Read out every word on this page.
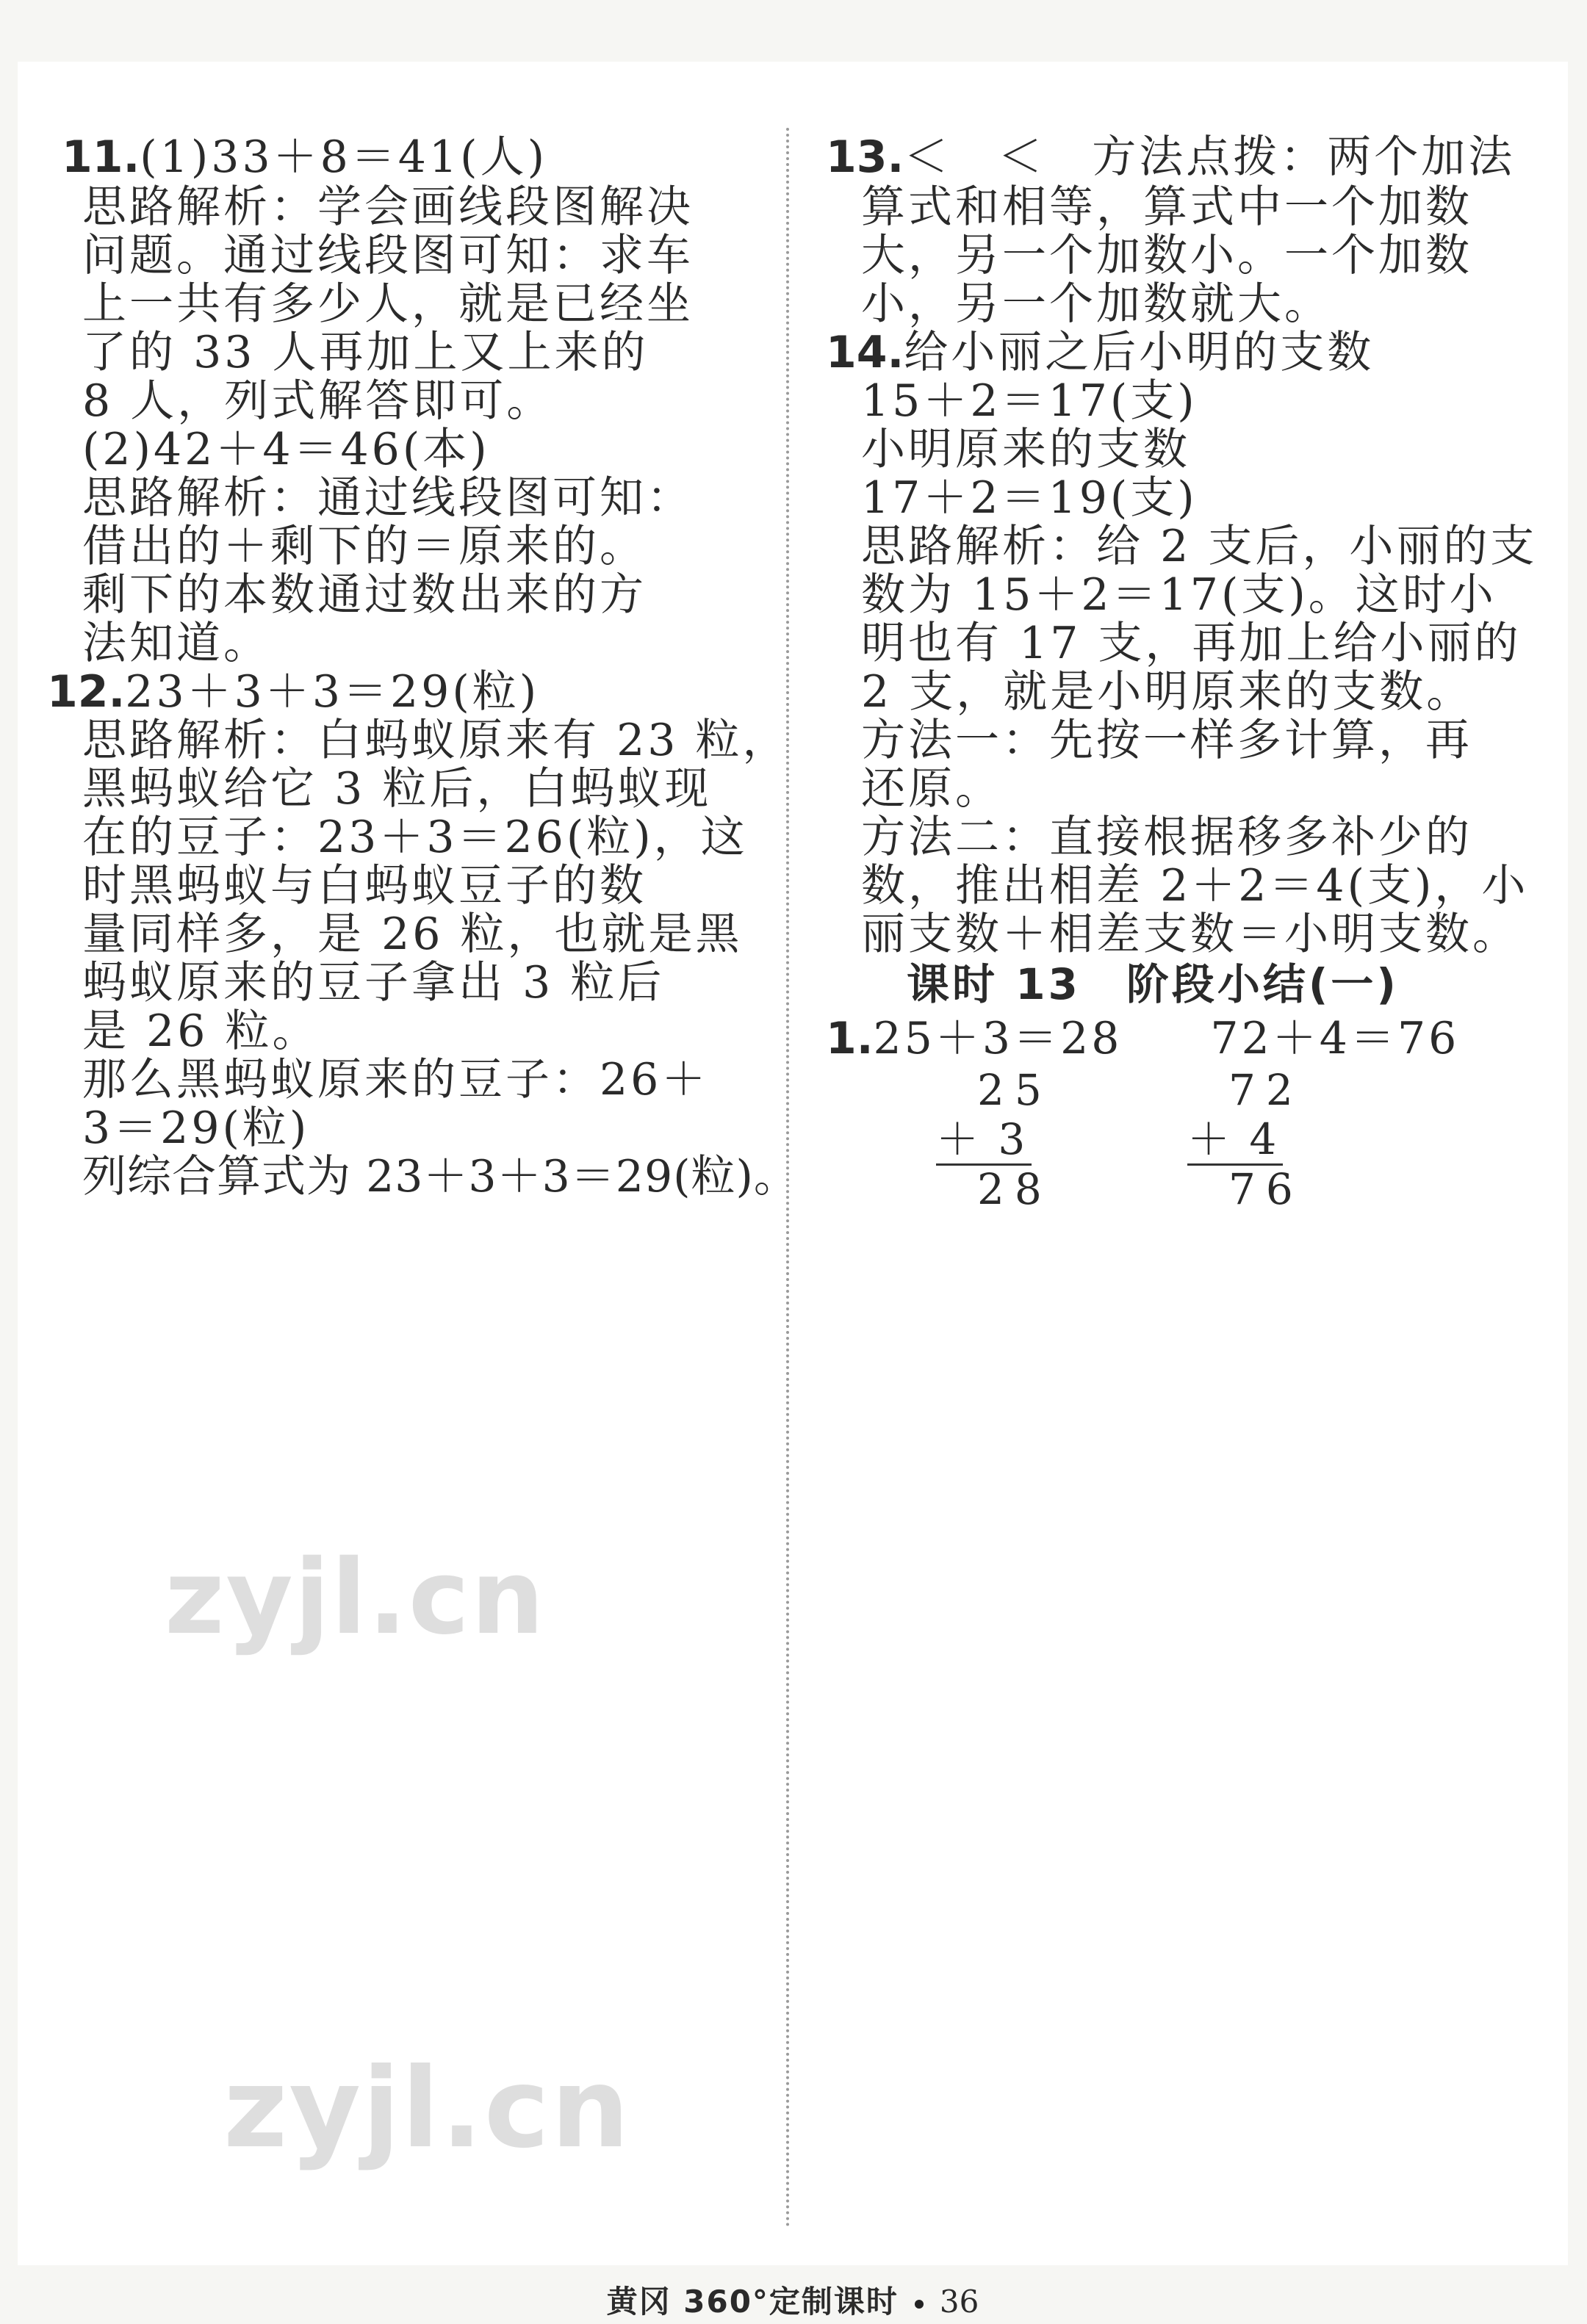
11.(1)33＋8＝41(人)
思路解析：学会画线段图解决
问题。通过线段图可知：求车
上一共有多少人，就是已经坐
了的 33 人再加上又上来的
8 人，列式解答即可。
(2)42＋4＝46(本)
思路解析：通过线段图可知：
借出的＋剩下的＝原来的。
剩下的本数通过数出来的方
法知道。
12.23＋3＋3＝29(粒)
思路解析：白蚂蚁原来有 23 粒，
黑蚂蚁给它 3 粒后，白蚂蚁现
在的豆子：23＋3＝26(粒)，这
时黑蚂蚁与白蚂蚁豆子的数
量同样多，是 26 粒，也就是黑
蚂蚁原来的豆子拿出 3 粒后
是 26 粒。
那么黑蚂蚁原来的豆子：26＋
3＝29(粒)
列综合算式为 23＋3＋3＝29(粒)。
13.＜　＜　方法点拨：两个加法
算式和相等，算式中一个加数
大，另一个加数小。一个加数
小，另一个加数就大。
14.给小丽之后小明的支数
15＋2＝17(支)
小明原来的支数
17＋2＝19(支)
思路解析：给 2 支后，小丽的支
数为 15＋2＝17(支)。这时小
明也有 17 支，再加上给小丽的
2 支，就是小明原来的支数。
方法一：先按一样多计算，再
还原。
方法二：直接根据移多补少的
数，推出相差 2＋2＝4(支)，小
丽支数＋相差支数＝小明支数。
课时 13　阶段小结(一)
1.25＋3＝28 72＋4＝76
25
＋ 3
28
72
＋ 4
76
zyjl.cn
zyjl.cn
黄冈 360°定制课时 36
